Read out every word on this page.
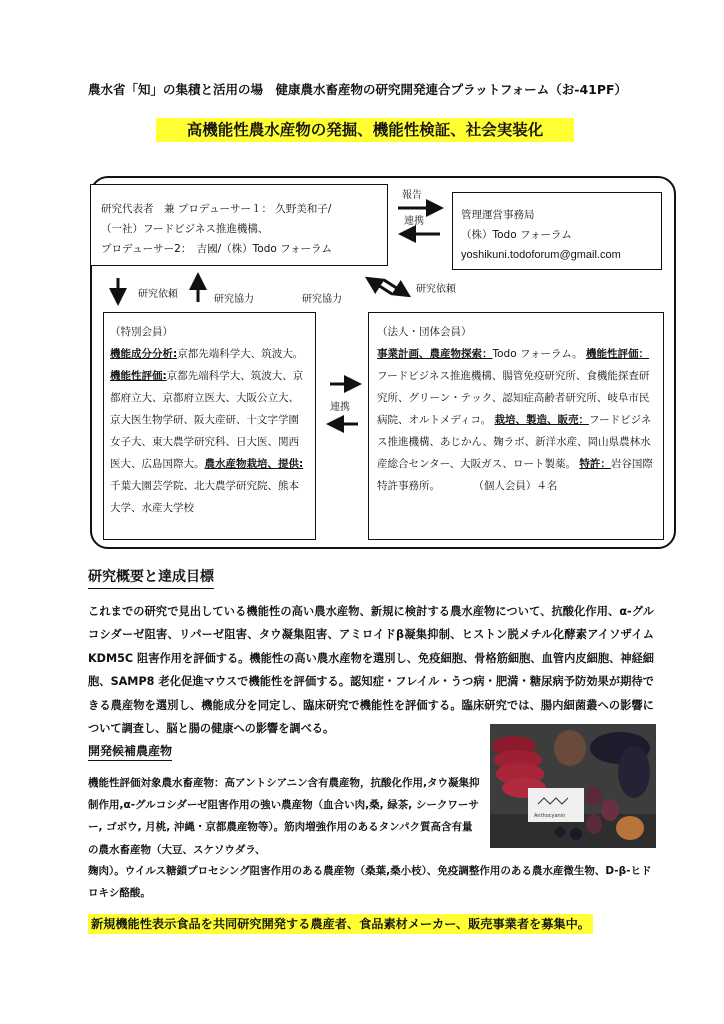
農水省「知」の集積と活用の場　健康農水畜産物の研究開発連合プラットフォーム（お-41PF）
高機能性農水産物の発掘、機能性検証、社会実装化
研究代表者　兼 プロデューサー１： 久野美和子/
（一社）フードビジネス推進機構、
プロデューサー2：　吉國/（株）Todo フォーラム
管理運営事務局
（株）Todo フォーラム
yoshikuni.todoforum@gmail.com
報告
連携
研究依頼	研究協力	研究協力
研究依頼
連携
（特別会員）
機能成分分析:京都先端科学大、筑波大。機能性評価:京都先端科学大、筑波大、京都府立大、京都府立医大、大阪公立大、京大医生物学研、阪大産研、十文字学園女子大、東大農学研究科、日大医、関西医大、広島国際大。農水産物栽培、提供:千葉大園芸学院、北大農学研究院、熊本大学、水産大学校
（法人・団体会員）
事業計画、農産物探索：Todo フォーラム。 機能性評価：フードビジネス推進機構、腸管免疫研究所、食機能探査研究所、グリーン・テック、認知症高齢者研究所、岐阜市民病院、オルトメディコ。 栽培、製造、販売：フードビジネス推進機構、あじかん、麹ラボ、新洋水産、岡山県農林水産総合センター、大阪ガス、ロート製薬。 特許：岩谷国際特許事務所。	（個人会員）４名
研究概要と達成目標
これまでの研究で見出している機能性の高い農水産物、新規に検討する農水産物について、抗酸化作用、α-グルコシダーゼ阻害、リパーゼ阻害、タウ凝集阻害、アミロイドβ凝集抑制、ヒストン脱メチル化酵素アイソザイム KDM5C 阻害作用を評価する。機能性の高い農水産物を選別し、免疫細胞、骨格筋細胞、血管内皮細胞、神経細胞、SAMP8 老化促進マウスで機能性を評価する。認知症・フレイル・うつ病・肥満・糖尿病予防効果が期待できる農産物を選別し、機能成分を同定し、臨床研究で機能性を評価する。臨床研究では、腸内細菌叢への影響について調査し、脳と腸の健康への影響を調べる。
開発候補農産物
機能性評価対象農水畜産物：高アントシアニン含有農産物，抗酸化作用,タウ凝集抑制作用,α-グルコシダーゼ阻害作用の強い農産物（血合い肉,桑, 緑茶, シークワーサー, ゴボウ, 月桃, 沖縄・京都農産物等）。筋肉増強作用のあるタンパク質高含有量の農水畜産物（大豆、スケソウダラ、
麹肉）。ウイルス糖鎖プロセシング阻害作用のある農産物（桑葉,桑小枝）、免疫調整作用のある農水産微生物、D-β-ヒドロキシ酪酸。
Anthocyanin
新規機能性表示食品を共同研究開発する農産者、食品素材メーカー、販売事業者を募集中。
